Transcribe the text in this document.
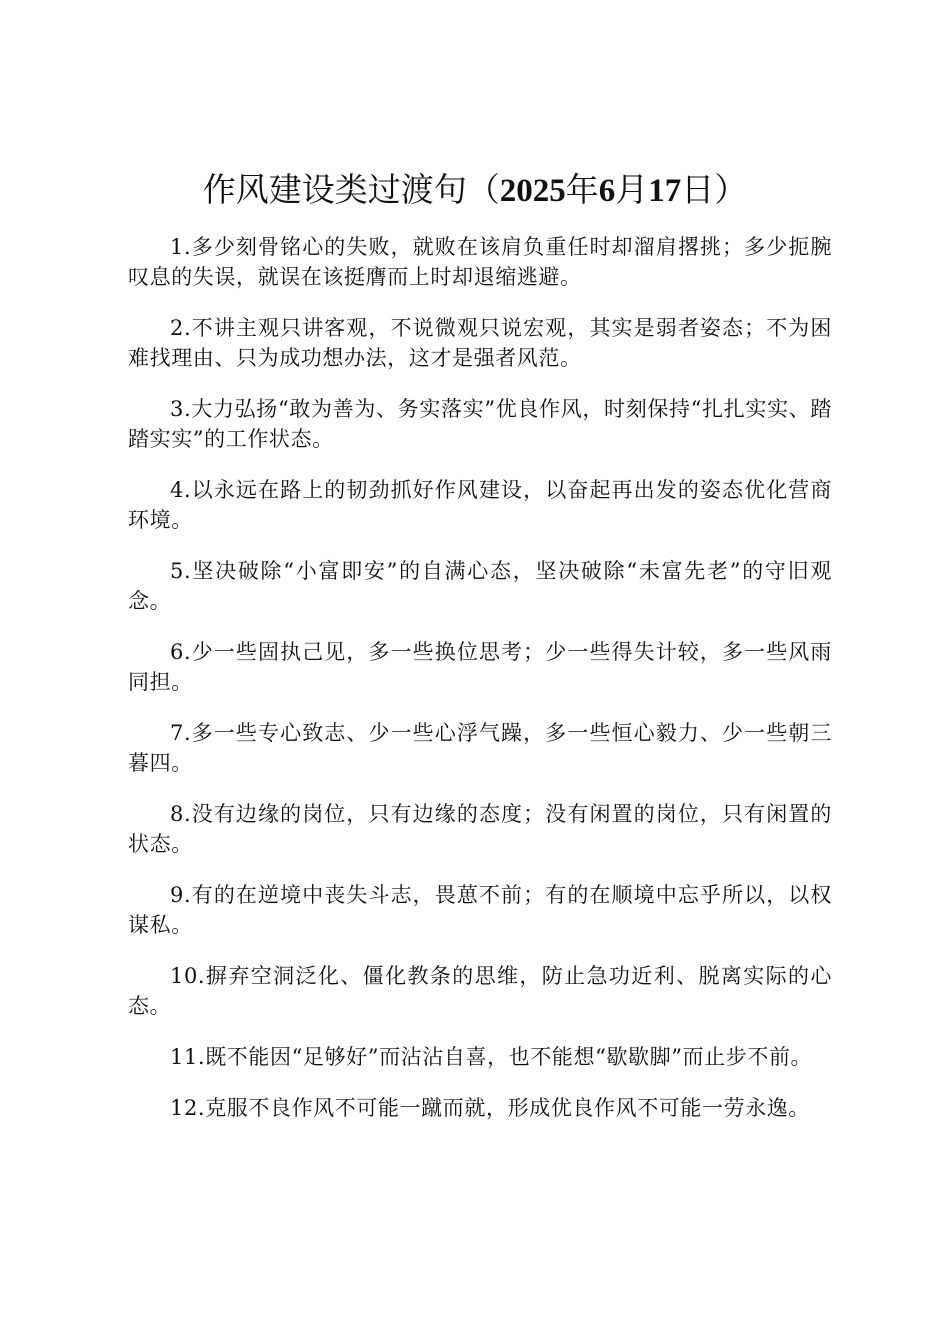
作风建设类过渡句（2025年6月17日）

1.多少刻骨铭心的失败，就败在该肩负重任时却溜肩撂挑；多少扼腕叹息的失误，就误在该挺膺而上时却退缩逃避。

2.不讲主观只讲客观，不说微观只说宏观，其实是弱者姿态；不为困难找理由、只为成功想办法，这才是强者风范。

3.大力弘扬“敢为善为、务实落实”优良作风，时刻保持“扎扎实实、踏踏实实”的工作状态。

4.以永远在路上的韧劲抓好作风建设，以奋起再出发的姿态优化营商环境。

5.坚决破除“小富即安”的自满心态，坚决破除“未富先老”的守旧观念。

6.少一些固执己见，多一些换位思考；少一些得失计较，多一些风雨同担。

7.多一些专心致志、少一些心浮气躁，多一些恒心毅力、少一些朝三暮四。

8.没有边缘的岗位，只有边缘的态度；没有闲置的岗位，只有闲置的状态。

9.有的在逆境中丧失斗志，畏葸不前；有的在顺境中忘乎所以，以权谋私。

10.摒弃空洞泛化、僵化教条的思维，防止急功近利、脱离实际的心态。

11.既不能因“足够好”而沾沾自喜，也不能想“歇歇脚”而止步不前。

12.克服不良作风不可能一蹴而就，形成优良作风不可能一劳永逸。
